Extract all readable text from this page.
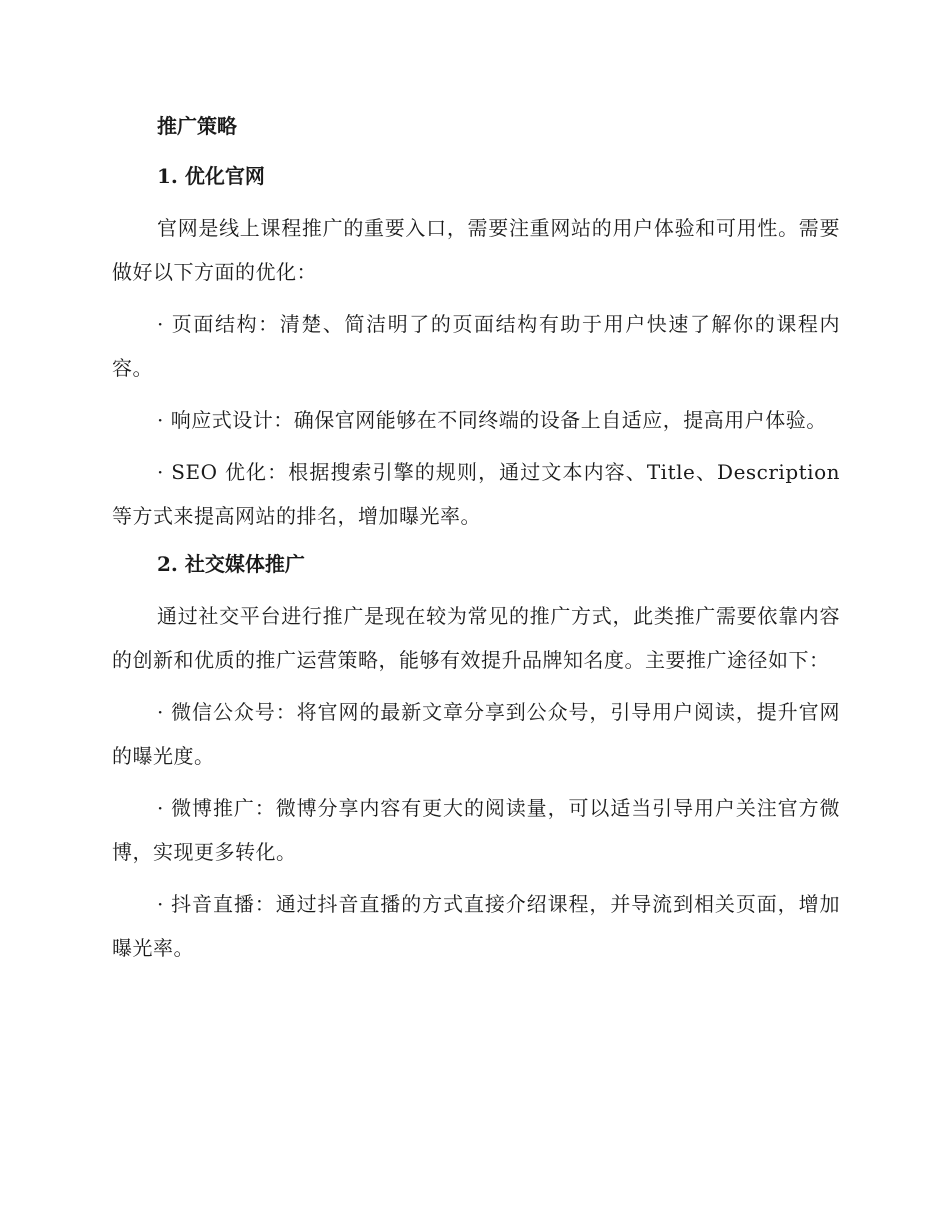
推广策略
1. 优化官网

官网是线上课程推广的重要入口，需要注重网站的用户体验和可用性。需要做好以下方面的优化：

· 页面结构：清楚、简洁明了的页面结构有助于用户快速了解你的课程内容。

· 响应式设计：确保官网能够在不同终端的设备上自适应，提高用户体验。

· SEO 优化：根据搜索引擎的规则，通过文本内容、Title、Description 等方式来提高网站的排名，增加曝光率。

2. 社交媒体推广

通过社交平台进行推广是现在较为常见的推广方式，此类推广需要依靠内容的创新和优质的推广运营策略，能够有效提升品牌知名度。主要推广途径如下：

· 微信公众号：将官网的最新文章分享到公众号，引导用户阅读，提升官网的曝光度。

· 微博推广：微博分享内容有更大的阅读量，可以适当引导用户关注官方微博，实现更多转化。

· 抖音直播：通过抖音直播的方式直接介绍课程，并导流到相关页面，增加曝光率。
